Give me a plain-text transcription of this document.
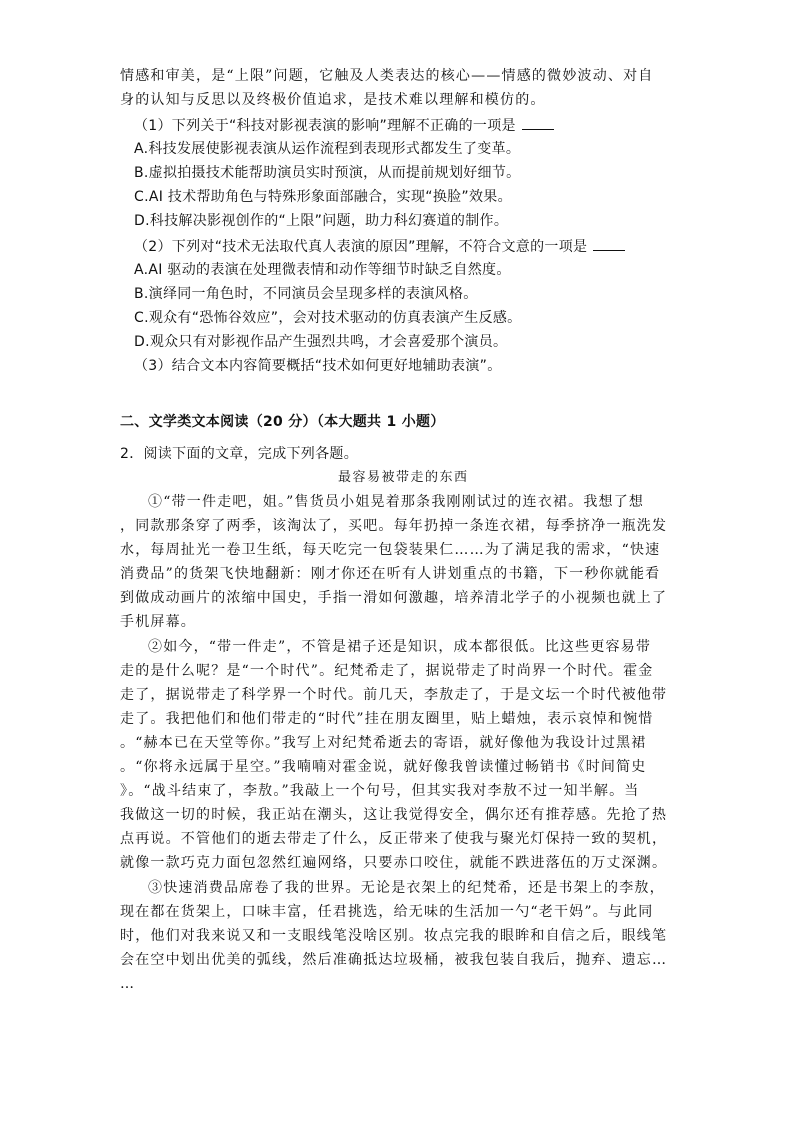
情感和审美，是“上限”问题，它触及人类表达的核心——情感的微妙波动、对自
身的认知与反思以及终极价值追求，是技术难以理解和模仿的。
（1）下列关于“科技对影视表演的影响”理解不正确的一项是
A.科技发展使影视表演从运作流程到表现形式都发生了变革。
B.虚拟拍摄技术能帮助演员实时预演，从而提前规划好细节。
C.AI 技术帮助角色与特殊形象面部融合，实现“换脸”效果。
D.科技解决影视创作的“上限”问题，助力科幻赛道的制作。
（2）下列对“技术无法取代真人表演的原因”理解，不符合文意的一项是
A.AI 驱动的表演在处理微表情和动作等细节时缺乏自然度。
B.演绎同一角色时，不同演员会呈现多样的表演风格。
C.观众有“恐怖谷效应”，会对技术驱动的仿真表演产生反感。
D.观众只有对影视作品产生强烈共鸣，才会喜爱那个演员。
（3）结合文本内容简要概括“技术如何更好地辅助表演”。
二、文学类文本阅读（20 分）（本大题共 1 小题）
2．阅读下面的文章，完成下列各题。
最容易被带走的东西
①“带一件走吧，姐。”售货员小姐晃着那条我刚刚试过的连衣裙。我想了想
，同款那条穿了两季，该淘汰了，买吧。每年扔掉一条连衣裙，每季挤净一瓶洗发
水，每周扯光一卷卫生纸，每天吃完一包袋装果仁……为了满足我的需求，“快速
消费品”的货架飞快地翻新：刚才你还在听有人讲划重点的书籍，下一秒你就能看
到做成动画片的浓缩中国史，手指一滑如何激趣，培养清北学子的小视频也就上了
手机屏幕。
②如今，“带一件走”，不管是裙子还是知识，成本都很低。比这些更容易带
走的是什么呢？是“一个时代”。纪梵希走了，据说带走了时尚界一个时代。霍金
走了，据说带走了科学界一个时代。前几天，李敖走了，于是文坛一个时代被他带
走了。我把他们和他们带走的“时代”挂在朋友圈里，贴上蜡烛，表示哀悼和惋惜
。“赫本已在天堂等你。”我写上对纪梵希逝去的寄语，就好像他为我设计过黑裙
。“你将永远属于星空。”我喃喃对霍金说，就好像我曾读懂过畅销书《时间简史
》。“战斗结束了，李敖。”我敲上一个句号，但其实我对李敖不过一知半解。当
我做这一切的时候，我正站在潮头，这让我觉得安全，偶尔还有推荐感。先抢了热
点再说。不管他们的逝去带走了什么，反正带来了使我与聚光灯保持一致的契机，
就像一款巧克力面包忽然红遍网络，只要赤口咬住，就能不跌进落伍的万丈深渊。
③快速消费品席卷了我的世界。无论是衣架上的纪梵希，还是书架上的李敖，
现在都在货架上，口味丰富，任君挑选，给无味的生活加一勺“老干妈”。与此同
时，他们对我来说又和一支眼线笔没啥区别。妆点完我的眼眸和自信之后，眼线笔
会在空中划出优美的弧线，然后准确抵达垃圾桶，被我包装自我后，抛弃、遗忘…
…
